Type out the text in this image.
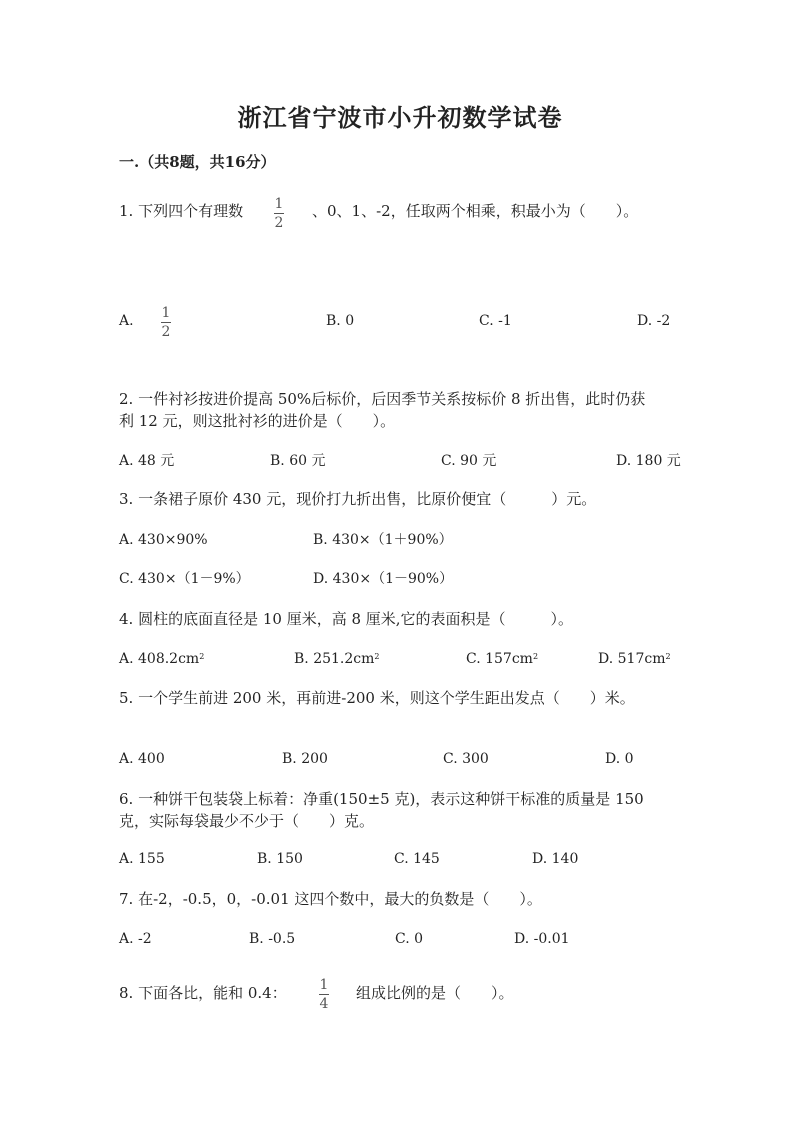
浙江省宁波市小升初数学试卷
一.（共8题，共16分）
1. 下列四个有理数 1
2
、0、1、-2，任取两个相乘，积最小为（　　）。
A. 1
2
B. 0	C. -1	D. -2
2. 一件衬衫按进价提高 50%后标价，后因季节关系按标价 8 折出售，此时仍获
利 12 元，则这批衬衫的进价是（　　）。
A. 48 元	B. 60 元	C. 90 元	D. 180 元
3. 一条裙子原价 430 元，现价打九折出售，比原价便宜（　　　）元。
A. 430×90%	B. 430×（1＋90%）
C. 430×（1－9%）	D. 430×（1－90%）
4. 圆柱的底面直径是 10 厘米，高 8 厘米,它的表面积是（　　　）。
A. $408.2cm^2$	B. $251.2cm^2$	C. $157cm^2$	D. $517cm^2$
5. 一个学生前进 200 米，再前进-200 米，则这个学生距出发点（　　）米。
A. 400	B. 200	C. 300	D. 0
6. 一种饼干包装袋上标着：净重(150±5 克)，表示这种饼干标准的质量是 150
克，实际每袋最少不少于（　　）克。
A. 155	B. 150	C. 145	D. 140
7. 在-2，-0.5，0，-0.01 这四个数中，最大的负数是（　　）。
A. -2	B. -0.5	C. 0	D. -0.01
8. 下面各比，能和 0.4： 1
4
组成比例的是（　　）。
